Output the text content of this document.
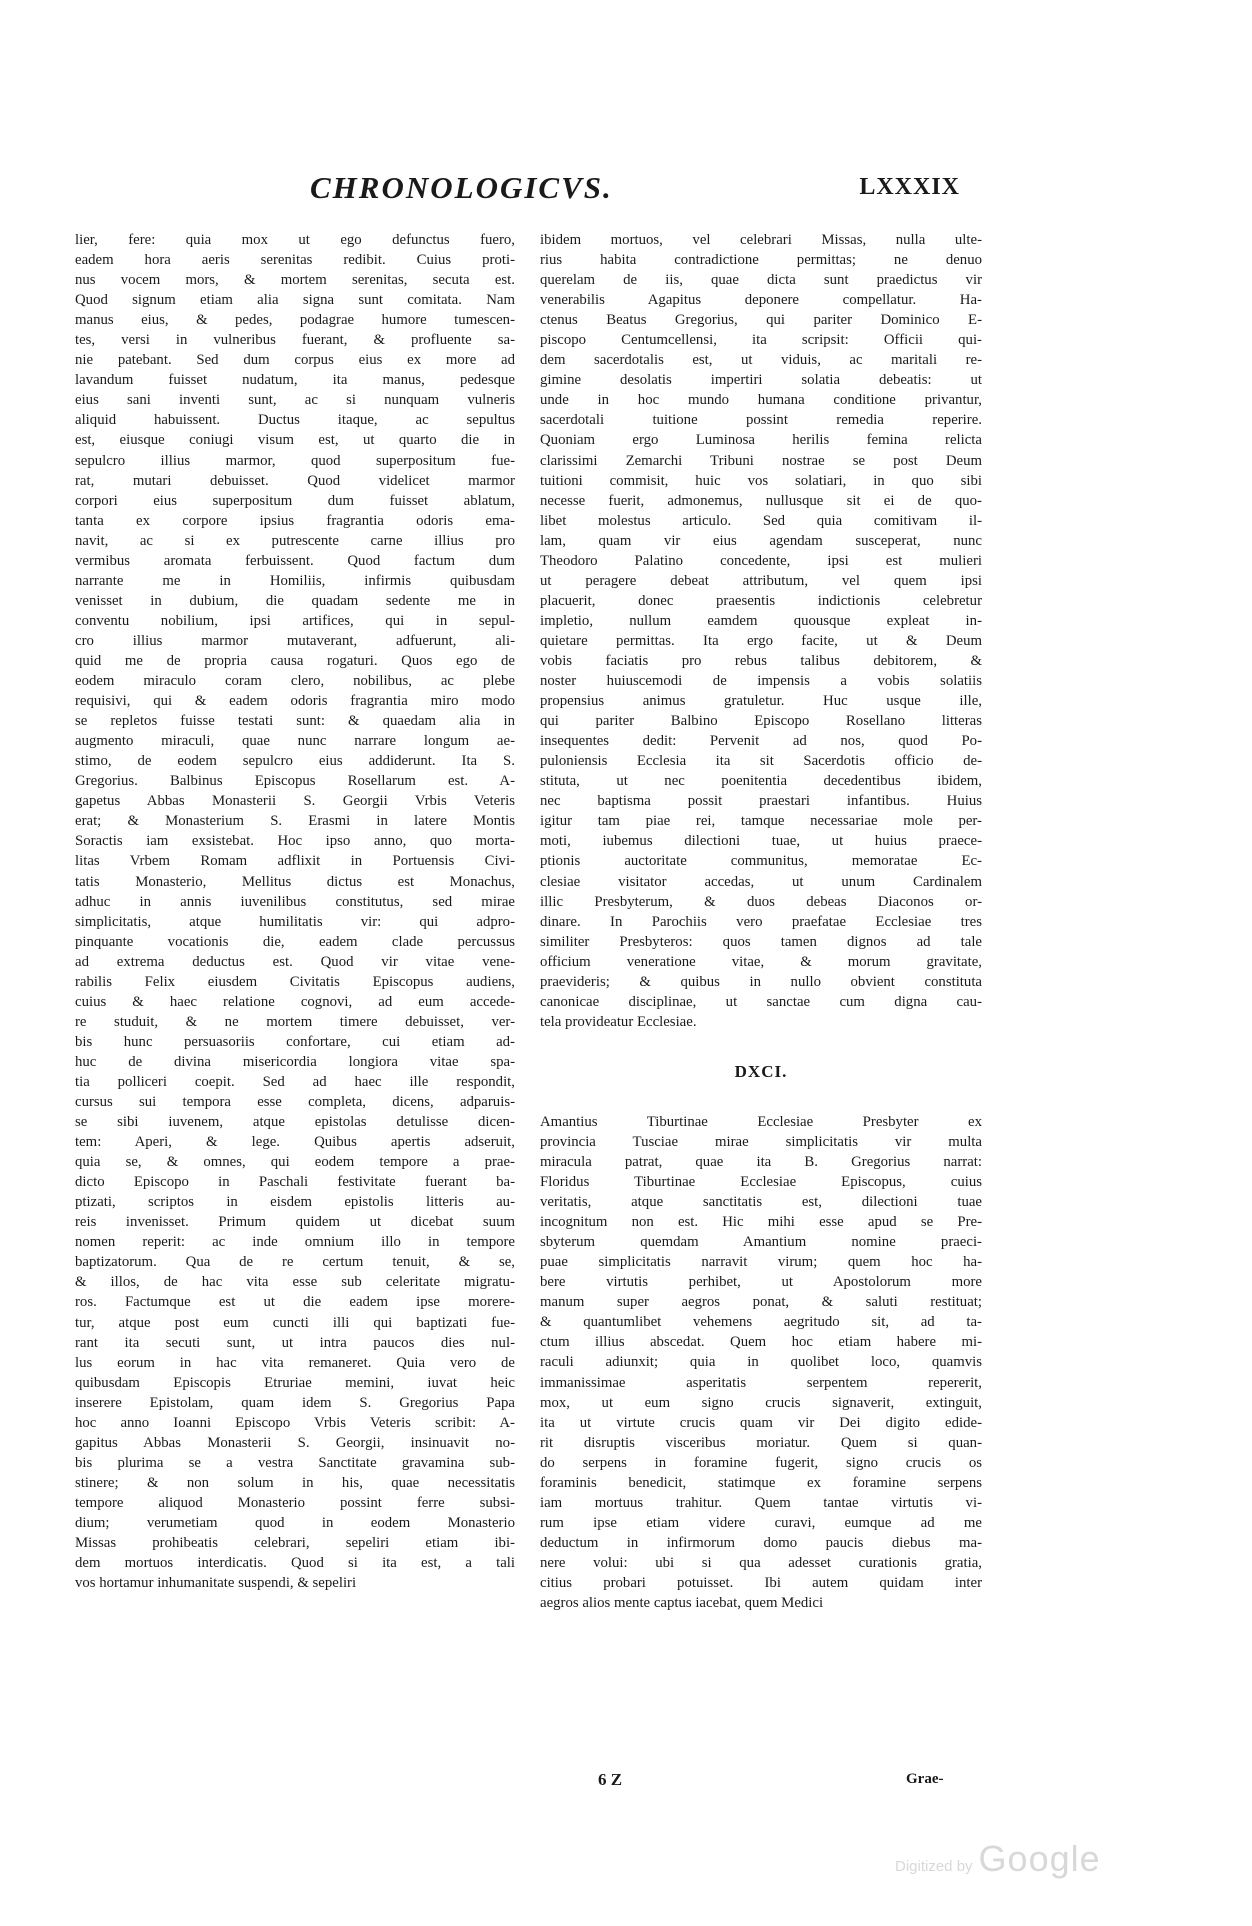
CHRONOLOGICVS.	LXXXIX
lier, fere: quia mox ut ego defunctus fuero,
eadem hora aeris serenitas redibit. Cuius proti-
nus vocem mors, & mortem serenitas, secuta est.
Quod signum etiam alia signa sunt comitata. Nam
manus eius, & pedes, podagrae humore tumescen-
tes, versi in vulneribus fuerant, & profluente sa-
nie patebant. Sed dum corpus eius ex more ad
lavandum fuisset nudatum, ita manus, pedesque
eius sani inventi sunt, ac si nunquam vulneris
aliquid habuissent. Ductus itaque, ac sepultus
est, eiusque coniugi visum est, ut quarto die in
sepulcro illius marmor, quod superpositum fue-
rat, mutari debuisset. Quod videlicet marmor
corpori eius superpositum dum fuisset ablatum,
tanta ex corpore ipsius fragrantia odoris ema-
navit, ac si ex putrescente carne illius pro
vermibus aromata ferbuissent. Quod factum dum
narrante me in Homiliis, infirmis quibusdam
venisset in dubium, die quadam sedente me in
conventu nobilium, ipsi artifices, qui in sepul-
cro illius marmor mutaverant, adfuerunt, ali-
quid me de propria causa rogaturi. Quos ego de
eodem miraculo coram clero, nobilibus, ac plebe
requisivi, qui & eadem odoris fragrantia miro modo
se repletos fuisse testati sunt: & quaedam alia in
augmento miraculi, quae nunc narrare longum ae-
stimo, de eodem sepulcro eius addiderunt. Ita S.
Gregorius. Balbinus Episcopus Rosellarum est. A-
gapetus Abbas Monasterii S. Georgii Vrbis Veteris
erat; & Monasterium S. Erasmi in latere Montis
Soractis iam exsistebat. Hoc ipso anno, quo morta-
litas Vrbem Romam adflixit in Portuensis Civi-
tatis Monasterio, Mellitus dictus est Monachus,
adhuc in annis iuvenilibus constitutus, sed mirae
simplicitatis, atque humilitatis vir: qui adpro-
pinquante vocationis die, eadem clade percussus
ad extrema deductus est. Quod vir vitae vene-
rabilis Felix eiusdem Civitatis Episcopus audiens,
cuius & haec relatione cognovi, ad eum accede-
re studuit, & ne mortem timere debuisset, ver-
bis hunc persuasoriis confortare, cui etiam ad-
huc de divina misericordia longiora vitae spa-
tia polliceri coepit. Sed ad haec ille respondit,
cursus sui tempora esse completa, dicens, adparuis-
se sibi iuvenem, atque epistolas detulisse dicen-
tem: Aperi, & lege. Quibus apertis adseruit,
quia se, & omnes, qui eodem tempore a prae-
dicto Episcopo in Paschali festivitate fuerant ba-
ptizati, scriptos in eisdem epistolis litteris au-
reis invenisset. Primum quidem ut dicebat suum
nomen reperit: ac inde omnium illo in tempore
baptizatorum. Qua de re certum tenuit, & se,
& illos, de hac vita esse sub celeritate migratu-
ros. Factumque est ut die eadem ipse morere-
tur, atque post eum cuncti illi qui baptizati fue-
rant ita secuti sunt, ut intra paucos dies nul-
lus eorum in hac vita remaneret. Quia vero de
quibusdam Episcopis Etruriae memini, iuvat heic
inserere Epistolam, quam idem S. Gregorius Papa
hoc anno Ioanni Episcopo Vrbis Veteris scribit: A-
gapitus Abbas Monasterii S. Georgii, insinuavit no-
bis plurima se a vestra Sanctitate gravamina sub-
stinere; & non solum in his, quae necessitatis
tempore aliquod Monasterio possint ferre subsi-
dium; verumetiam quod in eodem Monasterio
Missas prohibeatis celebrari, sepeliri etiam ibi-
dem mortuos interdicatis. Quod si ita est, a tali
vos hortamur inhumanitate suspendi, & sepeliri
ibidem mortuos, vel celebrari Missas, nulla ulte-
rius habita contradictione permittas; ne denuo
querelam de iis, quae dicta sunt praedictus vir
venerabilis Agapitus deponere compellatur. Ha-
ctenus Beatus Gregorius, qui pariter Dominico E-
piscopo Centumcellensi, ita scripsit: Officii qui-
dem sacerdotalis est, ut viduis, ac maritali re-
gimine desolatis impertiri solatia debeatis: ut
unde in hoc mundo humana conditione privantur,
sacerdotali tuitione possint remedia reperire.
Quoniam ergo Luminosa herilis femina relicta
clarissimi Zemarchi Tribuni nostrae se post Deum
tuitioni commisit, huic vos solatiari, in quo sibi
necesse fuerit, admonemus, nullusque sit ei de quo-
libet molestus articulo. Sed quia comitivam il-
lam, quam vir eius agendam susceperat, nunc
Theodoro Palatino concedente, ipsi est mulieri
ut peragere debeat attributum, vel quem ipsi
placuerit, donec praesentis indictionis celebretur
impletio, nullum eamdem quousque expleat in-
quietare permittas. Ita ergo facite, ut & Deum
vobis faciatis pro rebus talibus debitorem, &
noster huiuscemodi de impensis a vobis solatiis
propensius animus gratuletur. Huc usque ille,
qui pariter Balbino Episcopo Rosellano litteras
insequentes dedit: Pervenit ad nos, quod Po-
puloniensis Ecclesia ita sit Sacerdotis officio de-
stituta, ut nec poenitentia decedentibus ibidem,
nec baptisma possit praestari infantibus. Huius
igitur tam piae rei, tamque necessariae mole per-
moti, iubemus dilectioni tuae, ut huius praece-
ptionis auctoritate communitus, memoratae Ec-
clesiae visitator accedas, ut unum Cardinalem
illic Presbyterum, & duos debeas Diaconos or-
dinare. In Parochiis vero praefatae Ecclesiae tres
similiter Presbyteros: quos tamen dignos ad tale
officium veneratione vitae, & morum gravitate,
praevideris; & quibus in nullo obvient constituta
canonicae disciplinae, ut sanctae cum digna cau-
tela provideatur Ecclesiae.
DXCI.
Amantius Tiburtinae Ecclesiae Presbyter ex
provincia Tusciae mirae simplicitatis vir multa
miracula patrat, quae ita B. Gregorius narrat:
Floridus Tiburtinae Ecclesiae Episcopus, cuius
veritatis, atque sanctitatis est, dilectioni tuae
incognitum non est. Hic mihi esse apud se Pre-
sbyterum quemdam Amantium nomine praeci-
puae simplicitatis narravit virum; quem hoc ha-
bere virtutis perhibet, ut Apostolorum more
manum super aegros ponat, & saluti restituat;
& quantumlibet vehemens aegritudo sit, ad ta-
ctum illius abscedat. Quem hoc etiam habere mi-
raculi adiunxit; quia in quolibet loco, quamvis
immanissimae asperitatis serpentem repererit,
mox, ut eum signo crucis signaverit, extinguit,
ita ut virtute crucis quam vir Dei digito edide-
rit disruptis visceribus moriatur. Quem si quan-
do serpens in foramine fugerit, signo crucis os
foraminis benedicit, statimque ex foramine serpens
iam mortuus trahitur. Quem tantae virtutis vi-
rum ipse etiam videre curavi, eumque ad me
deductum in infirmorum domo paucis diebus ma-
nere volui: ubi si qua adesset curationis gratia,
citius probari potuisset. Ibi autem quidam inter
aegros alios mente captus iacebat, quem Medici
6 Z	Grae-
Digitized by Google
